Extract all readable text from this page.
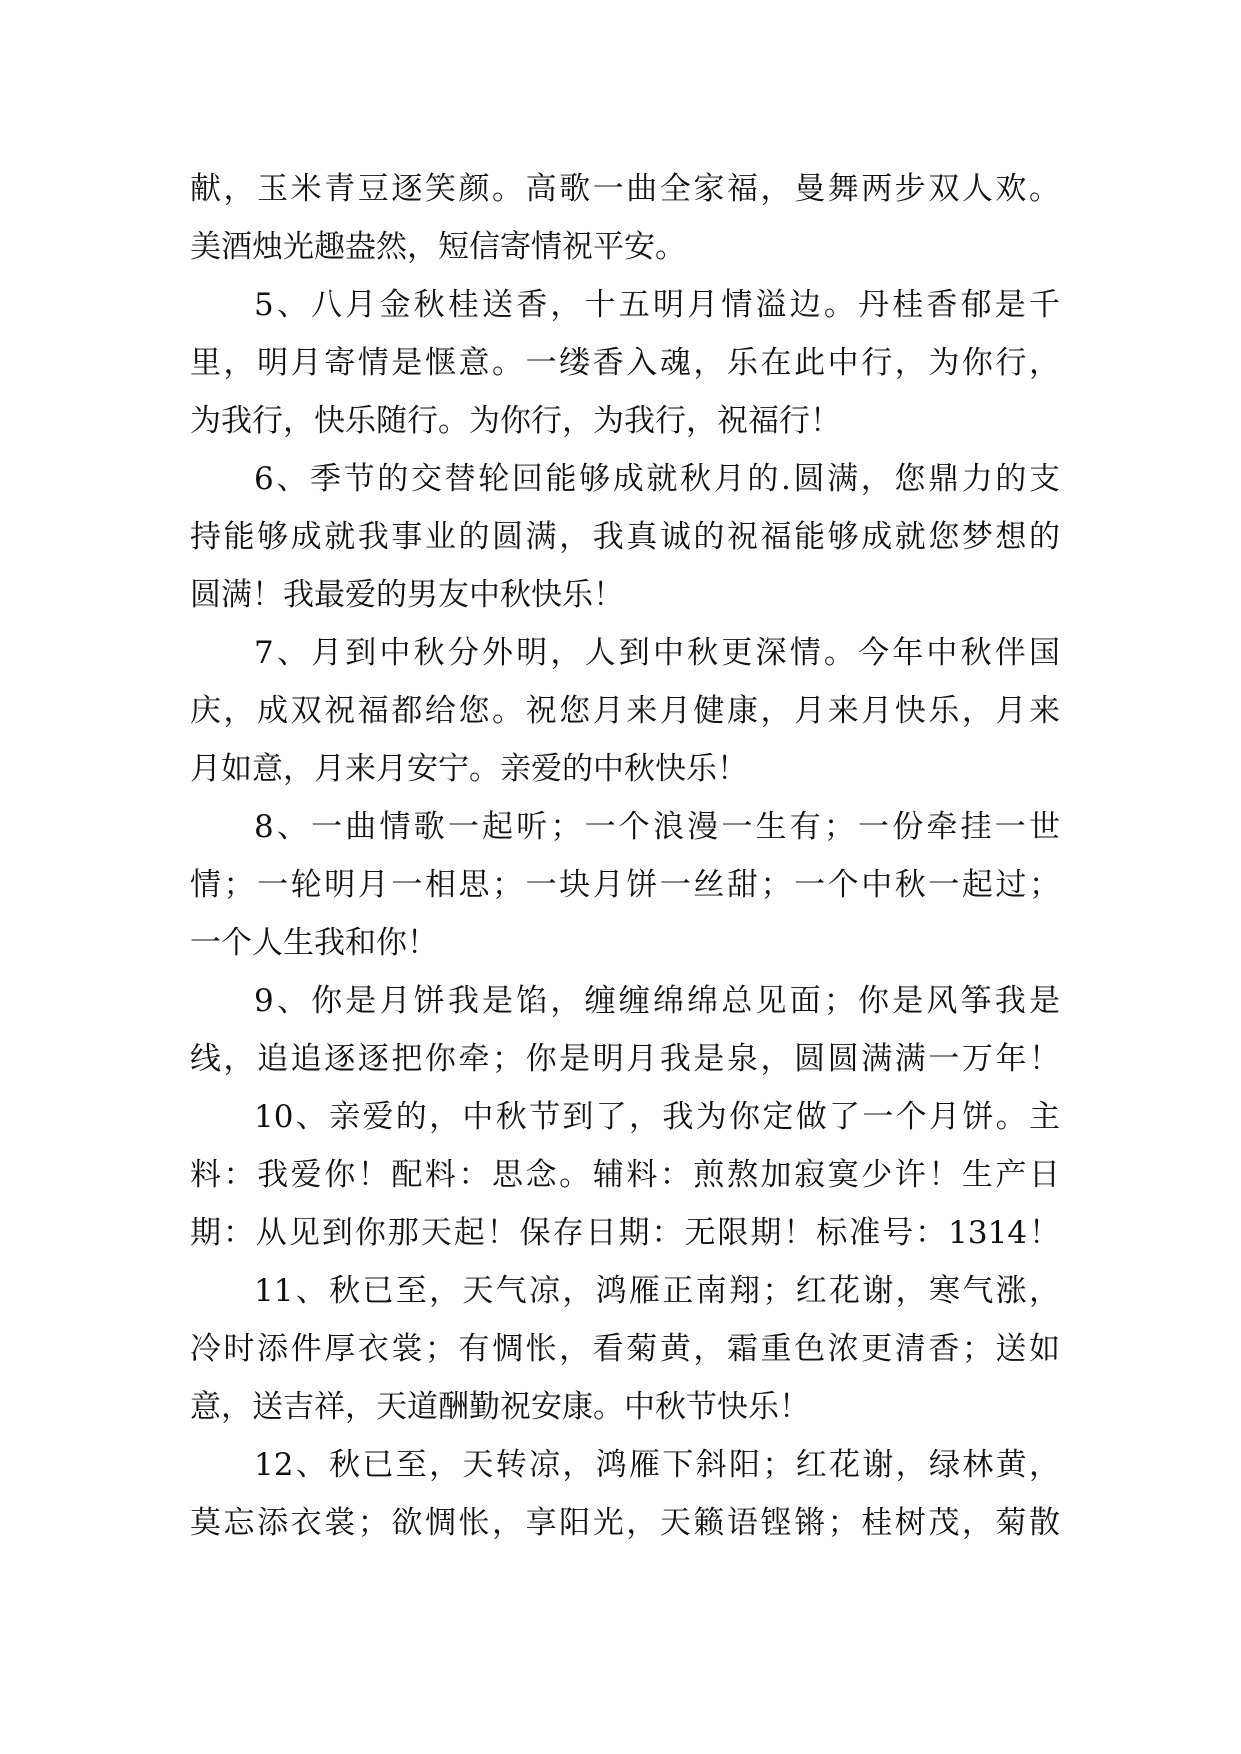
献，玉米青豆逐笑颜。高歌一曲全家福，曼舞两步双人欢。
美酒烛光趣盎然，短信寄情祝平安。
5、八月金秋桂送香，十五明月情溢边。丹桂香郁是千
里，明月寄情是惬意。一缕香入魂，乐在此中行，为你行，
为我行，快乐随行。为你行，为我行，祝福行！
6、季节的交替轮回能够成就秋月的.圆满，您鼎力的支
持能够成就我事业的圆满，我真诚的祝福能够成就您梦想的
圆满！我最爱的男友中秋快乐！
7、月到中秋分外明，人到中秋更深情。今年中秋伴国
庆，成双祝福都给您。祝您月来月健康，月来月快乐，月来
月如意，月来月安宁。亲爱的中秋快乐！
8、一曲情歌一起听；一个浪漫一生有；一份牵挂一世
情；一轮明月一相思；一块月饼一丝甜；一个中秋一起过；
一个人生我和你！
9、你是月饼我是馅，缠缠绵绵总见面；你是风筝我是
线，追追逐逐把你牵；你是明月我是泉，圆圆满满一万年！
10、亲爱的，中秋节到了，我为你定做了一个月饼。主
料：我爱你！配料：思念。辅料：煎熬加寂寞少许！生产日
期：从见到你那天起！保存日期：无限期！标准号：1314！
11、秋已至，天气凉，鸿雁正南翔；红花谢，寒气涨，
冷时添件厚衣裳；有惆怅，看菊黄，霜重色浓更清香；送如
意，送吉祥，天道酬勤祝安康。中秋节快乐！
12、秋已至，天转凉，鸿雁下斜阳；红花谢，绿林黄，
莫忘添衣裳；欲惆怅，享阳光，天籁语铿锵；桂树茂，菊散
